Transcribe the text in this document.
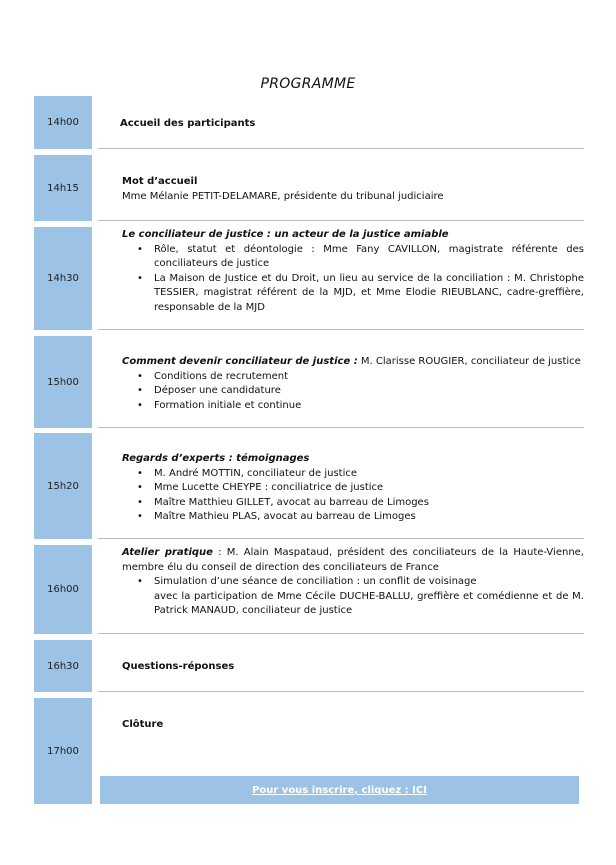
PROGRAMME
14h00	Accueil des participants
14h15
Mot d’accueil
Mme Mélanie PETIT-DELAMARE, présidente du tribunal judiciaire
14h30
Le conciliateur de justice : un acteur de la justice amiable
• Rôle, statut et déontologie : Mme Fany CAVILLON, magistrate référente des conciliateurs de justice
• La Maison de Justice et du Droit, un lieu au service de la conciliation : M. Christophe TESSIER, magistrat référent de la MJD, et Mme Elodie RIEUBLANC, cadre-greffière, responsable de la MJD
15h00
Comment devenir conciliateur de justice : M. Clarisse ROUGIER, conciliateur de justice
• Conditions de recrutement
• Déposer une candidature
• Formation initiale et continue
15h20
Regards d’experts : témoignages
• M. André MOTTIN, conciliateur de justice
• Mme Lucette CHEYPE : conciliatrice de justice
• Maître Matthieu GILLET, avocat au barreau de Limoges
• Maître Mathieu PLAS, avocat au barreau de Limoges
16h00
Atelier pratique : M. Alain Maspataud, président des conciliateurs de la Haute-Vienne, membre élu du conseil de direction des conciliateurs de France
• Simulation d’une séance de conciliation : un conflit de voisinage
avec la participation de Mme Cécile DUCHE-BALLU, greffière et comédienne et de M. Patrick MANAUD, conciliateur de justice
16h30	Questions-réponses
17h00
Clôture
Pour vous inscrire, cliquez : ICI
